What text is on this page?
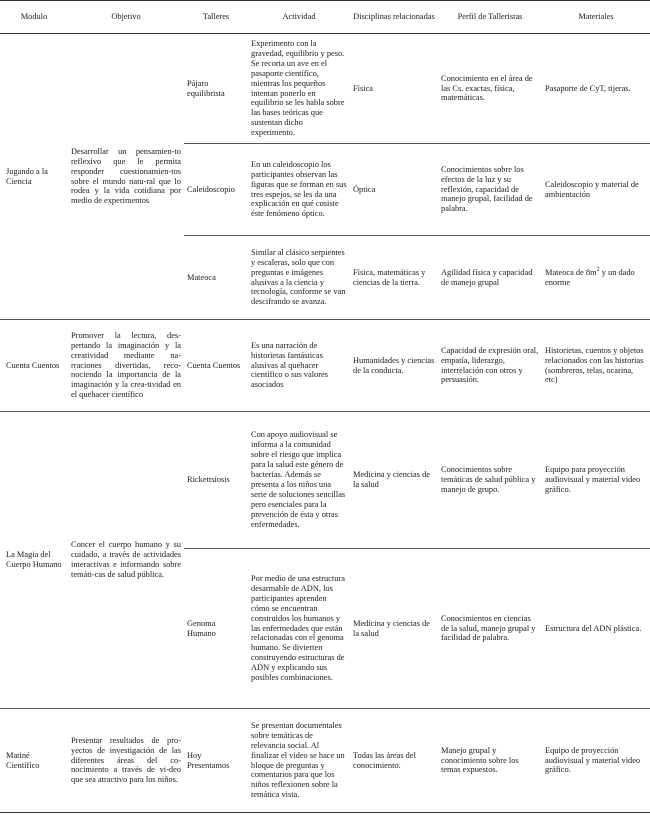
Modulo	Objetivo	Talleres	Actividad	Disciplinas relacionadas	Perfil de Talleristas	Materiales
Jugando a la Ciencia	Desarrollar un pensamien-to reflexivo que le permita responder cuestionamien-tos sobre el mundo natu-ral que lo rodea y la vida cotidiana por medio de experimentos	Pájaro equilibrista	Experimento con la gravedad, equilibrio y peso. Se recorta un ave en el pasaporte científico, mientras los pequeños intentan ponerlo en equilibrio se les habla sobre las bases teóricas que sustentan dicho experimento.	Física	Conocimiento en el área de las Cs. exactas, física, matemáticas.	Pasaporte de CyT, tijeras.
		Caleidoscopio	En un caleidoscopio los participantes observan las figuras que se forman en sus tres espejos, se les da una explicación en qué cosiste éste fenómeno óptico.	Óptica	Conocimientos sobre los efectos de la luz y su reflexión, capacidad de manejo grupal, facilidad de palabra.	Caleidoscopio y material de ambientación
		Mateoca	Similar al clásico serpientes y escaleras, solo que con preguntas e imágenes alusivas a la ciencia y tecnología, conforme se van descifrando se avanza.	Física, matemáticas y ciencias de la tierra.	Agilidad física y capacidad de manejo grupal	Mateoca de $8m^2$ y un dado enorme
Cuenta Cuentos	Promover la lectura, des-pertando la imaginación y la creatividad mediante na-rraciones divertidas, reco-nociendo la importancia de la imaginación y la crea-tividad en el quehacer científico	Cuenta Cuentos	Es una narración de historietas fantásticas alusivas al quehacer científico o sus valores asociados	Humanidades y ciencias de la conducta.	Capacidad de expresión oral, empatía, liderazgo, interrelación con otros y persuasión.	Historietas, cuentos y objetos relacionados con las historias (sombreros, telas, ocarina, etc)
La Magia del Cuerpo Humano	Concer el cuerpo humano y su cuidado, a través de actividades interactivas e informando sobre temáti-cas de salud pública.	Rickettsiosis	Con apoyo audiovisual se informa a la comunidad sobre el riesgo que implica para la salud este género de bacterias. Además se presenta a los niños una serie de soluciones sencillas pero esenciales para la prevención de ésta y otras enfermedades.	Medicina y ciencias de la salud	Conocimientos sobre temáticas de salud pública y manejo de grupo.	Equipo para proyección audiovisual y material video gráfico.
		Genoma Humano	Por medio de una estructura desarmable de ADN, los participantes aprenden cómo se encuentran construidos los humanos y las enfermedades que están relacionadas con el genoma humano. Se divierten construyendo estructuras de ADN y explicando sus posibles combinaciones.	Medicina y ciencias de la salud	Conocimientos en ciencias de la salud, manejo grupal y facilidad de palabra.	Estructura del ADN plástica.
Matiné Científico	Presentar resultados de pro-yectos de investigación de las diferentes áreas del co-nocimiento a través de vi-deo que sea atractivo para los niños.	Hoy Presentamos	Se presentan documentales sobre temáticas de relevancia social. Al finalizar el video se hace un bloque de preguntas y comentarios para que los niños reflexionen sobre la temática vista.	Todas las áreas del conocimiento.	Manejo grupal y conocimiento sobre los temas expuestos.	Equipo de proyección audiovisual y material video gráfico.
